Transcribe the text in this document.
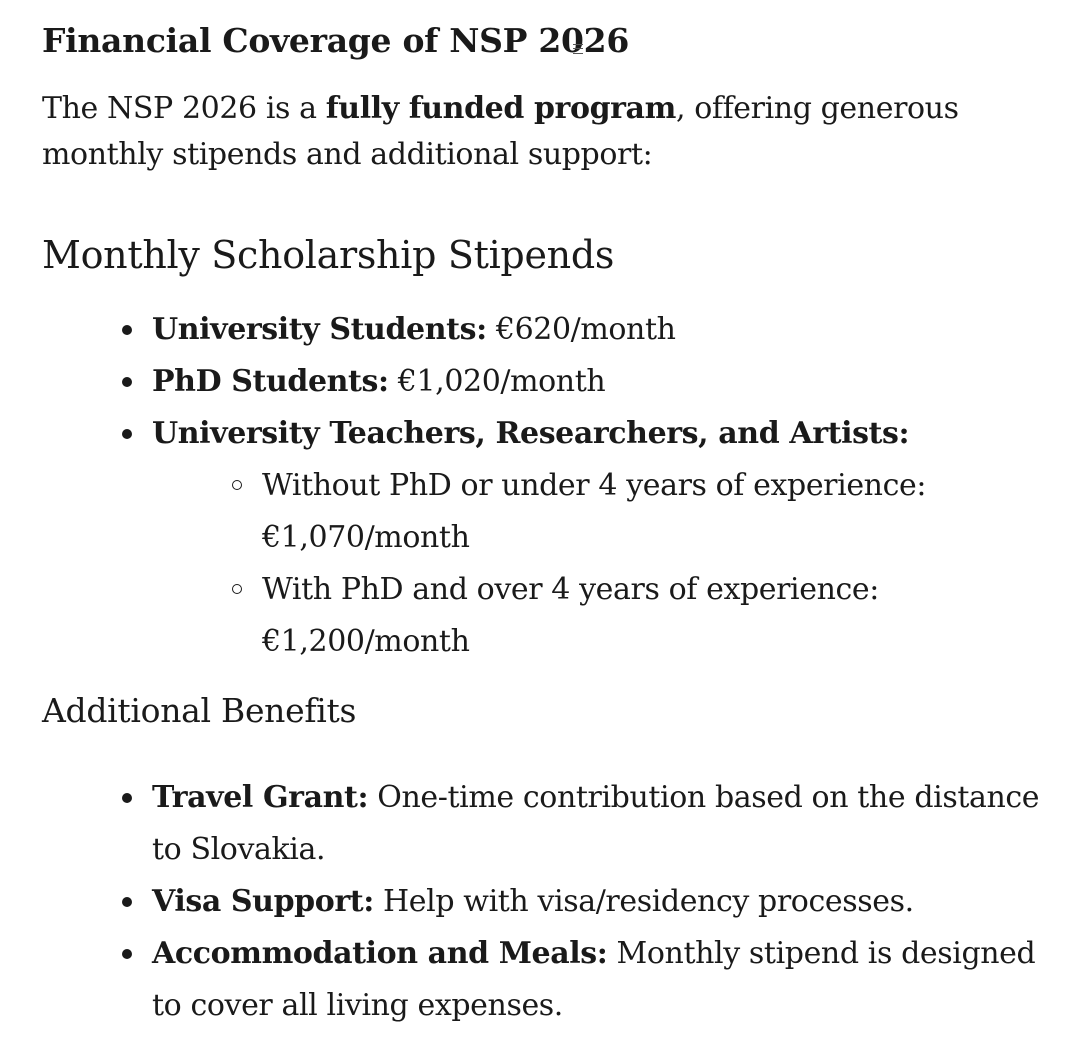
Financial Coverage of NSP 2026

The NSP 2026 is a fully funded program, offering generous monthly stipends and additional support:

Monthly Scholarship Stipends
University Students: €620/month
PhD Students: €1,020/month
University Teachers, Researchers, and Artists:
Without PhD or under 4 years of experience: €1,070/month
With PhD and over 4 years of experience: €1,200/month
Additional Benefits
Travel Grant: One-time contribution based on the distance to Slovakia.
Visa Support: Help with visa/residency processes.
Accommodation and Meals: Monthly stipend is designed to cover all living expenses.
